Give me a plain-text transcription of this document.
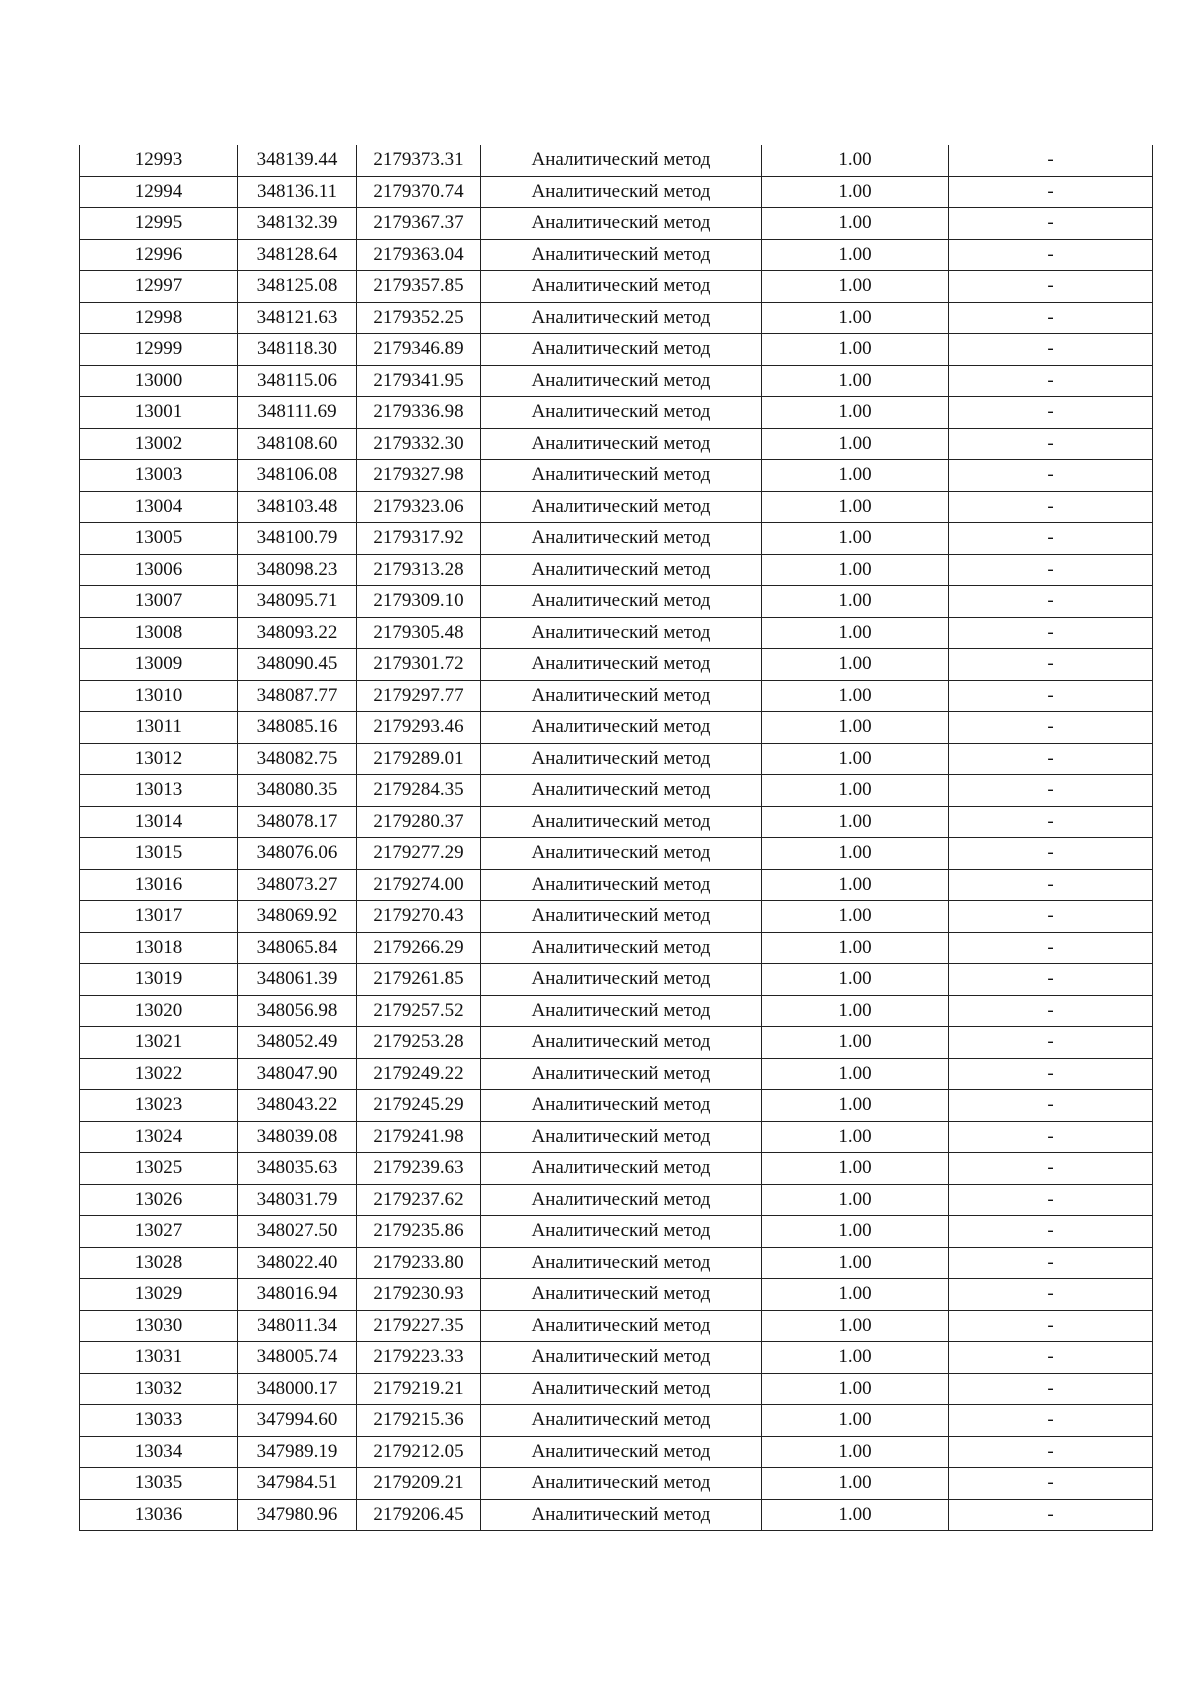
12993	348139.44	2179373.31	Аналитический метод	1.00	-
12994	348136.11	2179370.74	Аналитический метод	1.00	-
12995	348132.39	2179367.37	Аналитический метод	1.00	-
12996	348128.64	2179363.04	Аналитический метод	1.00	-
12997	348125.08	2179357.85	Аналитический метод	1.00	-
12998	348121.63	2179352.25	Аналитический метод	1.00	-
12999	348118.30	2179346.89	Аналитический метод	1.00	-
13000	348115.06	2179341.95	Аналитический метод	1.00	-
13001	348111.69	2179336.98	Аналитический метод	1.00	-
13002	348108.60	2179332.30	Аналитический метод	1.00	-
13003	348106.08	2179327.98	Аналитический метод	1.00	-
13004	348103.48	2179323.06	Аналитический метод	1.00	-
13005	348100.79	2179317.92	Аналитический метод	1.00	-
13006	348098.23	2179313.28	Аналитический метод	1.00	-
13007	348095.71	2179309.10	Аналитический метод	1.00	-
13008	348093.22	2179305.48	Аналитический метод	1.00	-
13009	348090.45	2179301.72	Аналитический метод	1.00	-
13010	348087.77	2179297.77	Аналитический метод	1.00	-
13011	348085.16	2179293.46	Аналитический метод	1.00	-
13012	348082.75	2179289.01	Аналитический метод	1.00	-
13013	348080.35	2179284.35	Аналитический метод	1.00	-
13014	348078.17	2179280.37	Аналитический метод	1.00	-
13015	348076.06	2179277.29	Аналитический метод	1.00	-
13016	348073.27	2179274.00	Аналитический метод	1.00	-
13017	348069.92	2179270.43	Аналитический метод	1.00	-
13018	348065.84	2179266.29	Аналитический метод	1.00	-
13019	348061.39	2179261.85	Аналитический метод	1.00	-
13020	348056.98	2179257.52	Аналитический метод	1.00	-
13021	348052.49	2179253.28	Аналитический метод	1.00	-
13022	348047.90	2179249.22	Аналитический метод	1.00	-
13023	348043.22	2179245.29	Аналитический метод	1.00	-
13024	348039.08	2179241.98	Аналитический метод	1.00	-
13025	348035.63	2179239.63	Аналитический метод	1.00	-
13026	348031.79	2179237.62	Аналитический метод	1.00	-
13027	348027.50	2179235.86	Аналитический метод	1.00	-
13028	348022.40	2179233.80	Аналитический метод	1.00	-
13029	348016.94	2179230.93	Аналитический метод	1.00	-
13030	348011.34	2179227.35	Аналитический метод	1.00	-
13031	348005.74	2179223.33	Аналитический метод	1.00	-
13032	348000.17	2179219.21	Аналитический метод	1.00	-
13033	347994.60	2179215.36	Аналитический метод	1.00	-
13034	347989.19	2179212.05	Аналитический метод	1.00	-
13035	347984.51	2179209.21	Аналитический метод	1.00	-
13036	347980.96	2179206.45	Аналитический метод	1.00	-
